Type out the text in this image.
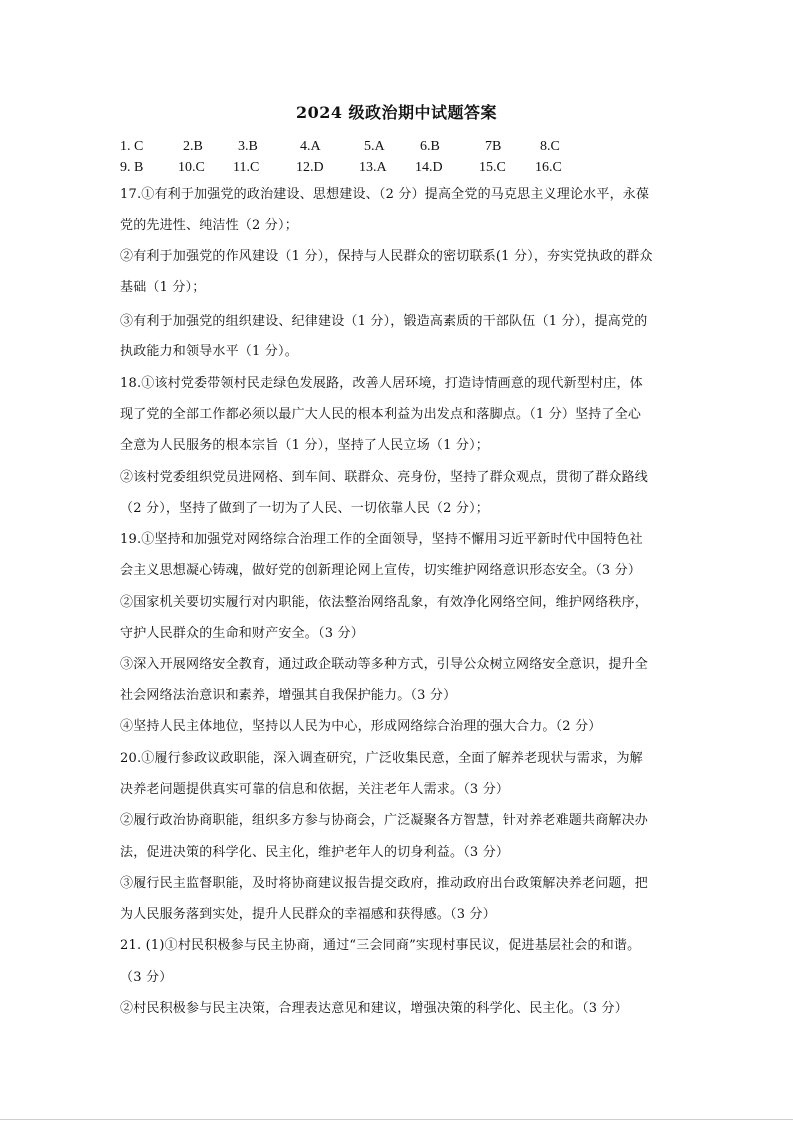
2024 级政治期中试题答案
1. C	2.B	3.B	4.A	5.A	6.B	7B	8.C
9. B 10.C 11.C	12.D	13.A 14.D	15.C 16.C
17.①有利于加强党的政治建设、思想建设、（2 分）提高全党的马克思主义理论水平，永葆
党的先进性、纯洁性（2 分）；
②有利于加强党的作风建设（1 分），保持与人民群众的密切联系(1 分），夯实党执政的群众
基础（1 分）；
③有利于加强党的组织建设、纪律建设（1 分），锻造高素质的干部队伍（1 分），提高党的
执政能力和领导水平（1 分）。
18.①该村党委带领村民走绿色发展路，改善人居环境，打造诗情画意的现代新型村庄，体
现了党的全部工作都必须以最广大人民的根本利益为出发点和落脚点。（1 分）坚持了全心
全意为人民服务的根本宗旨（1 分），坚持了人民立场（1 分）；
②该村党委组织党员进网格、到车间、联群众、亮身份，坚持了群众观点，贯彻了群众路线
（2 分），坚持了做到了一切为了人民、一切依靠人民（2 分）；
19.①坚持和加强党对网络综合治理工作的全面领导，坚持不懈用习近平新时代中国特色社
会主义思想凝心铸魂，做好党的创新理论网上宣传，切实维护网络意识形态安全。（3 分）
②国家机关要切实履行对内职能，依法整治网络乱象，有效净化网络空间，维护网络秩序，
守护人民群众的生命和财产安全。（3 分）
③深入开展网络安全教育，通过政企联动等多种方式，引导公众树立网络安全意识，提升全
社会网络法治意识和素养，增强其自我保护能力。（3 分）
④坚持人民主体地位，坚持以人民为中心，形成网络综合治理的强大合力。（2 分）
20.①履行参政议政职能，深入调查研究，广泛收集民意，全面了解养老现状与需求，为解
决养老问题提供真实可靠的信息和依据，关注老年人需求。（3 分）
②履行政治协商职能，组织多方参与协商会，广泛凝聚各方智慧，针对养老难题共商解决办
法，促进决策的科学化、民主化，维护老年人的切身利益。（3 分）
③履行民主监督职能，及时将协商建议报告提交政府，推动政府出台政策解决养老问题，把
为人民服务落到实处，提升人民群众的幸福感和获得感。（3 分）
21. (1)①村民积极参与民主协商，通过“三会同商”实现村事民议，促进基层社会的和谐。
（3 分）
②村民积极参与民主决策，合理表达意见和建议，增强决策的科学化、民主化。（3 分）
